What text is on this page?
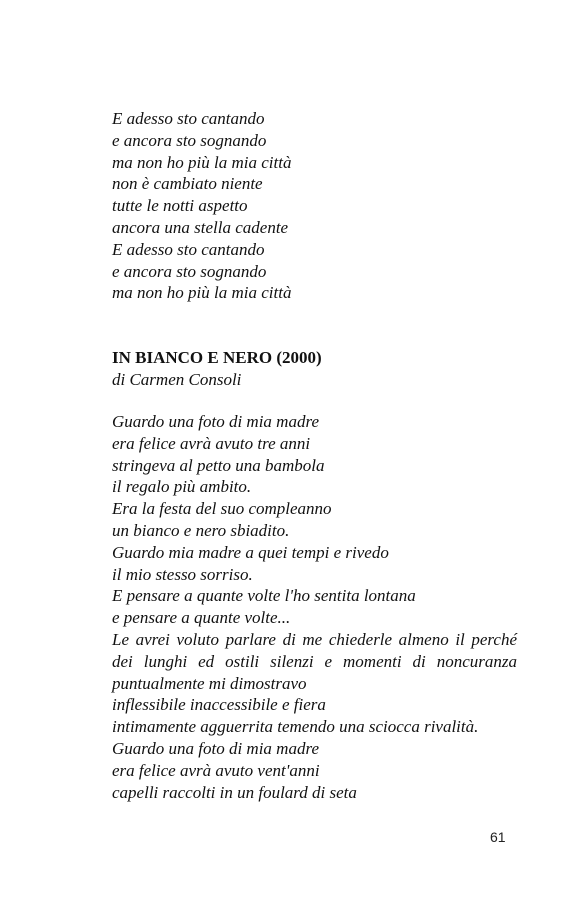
E adesso sto cantando
e ancora sto sognando
ma non ho più la mia città
non è cambiato niente
tutte le notti aspetto
ancora una stella cadente
E adesso sto cantando
e ancora sto sognando
ma non ho più la mia città
IN BIANCO E NERO (2000)
di Carmen Consoli
Guardo una foto di mia madre
era felice avrà avuto tre anni
stringeva al petto una bambola
il regalo più ambito.
Era la festa del suo compleanno
un bianco e nero sbiadito.
Guardo mia madre a quei tempi e rivedo
il mio stesso sorriso.
E pensare a quante volte l'ho sentita lontana
e pensare a quante volte...
Le avrei voluto parlare di me chiederle almeno il perché
dei lunghi ed ostili silenzi e momenti di noncuranza
puntualmente mi dimostravo
inflessibile inaccessibile e fiera
intimamente agguerrita temendo una sciocca rivalità.
Guardo una foto di mia madre
era felice avrà avuto vent'anni
capelli raccolti in un foulard di seta
61
